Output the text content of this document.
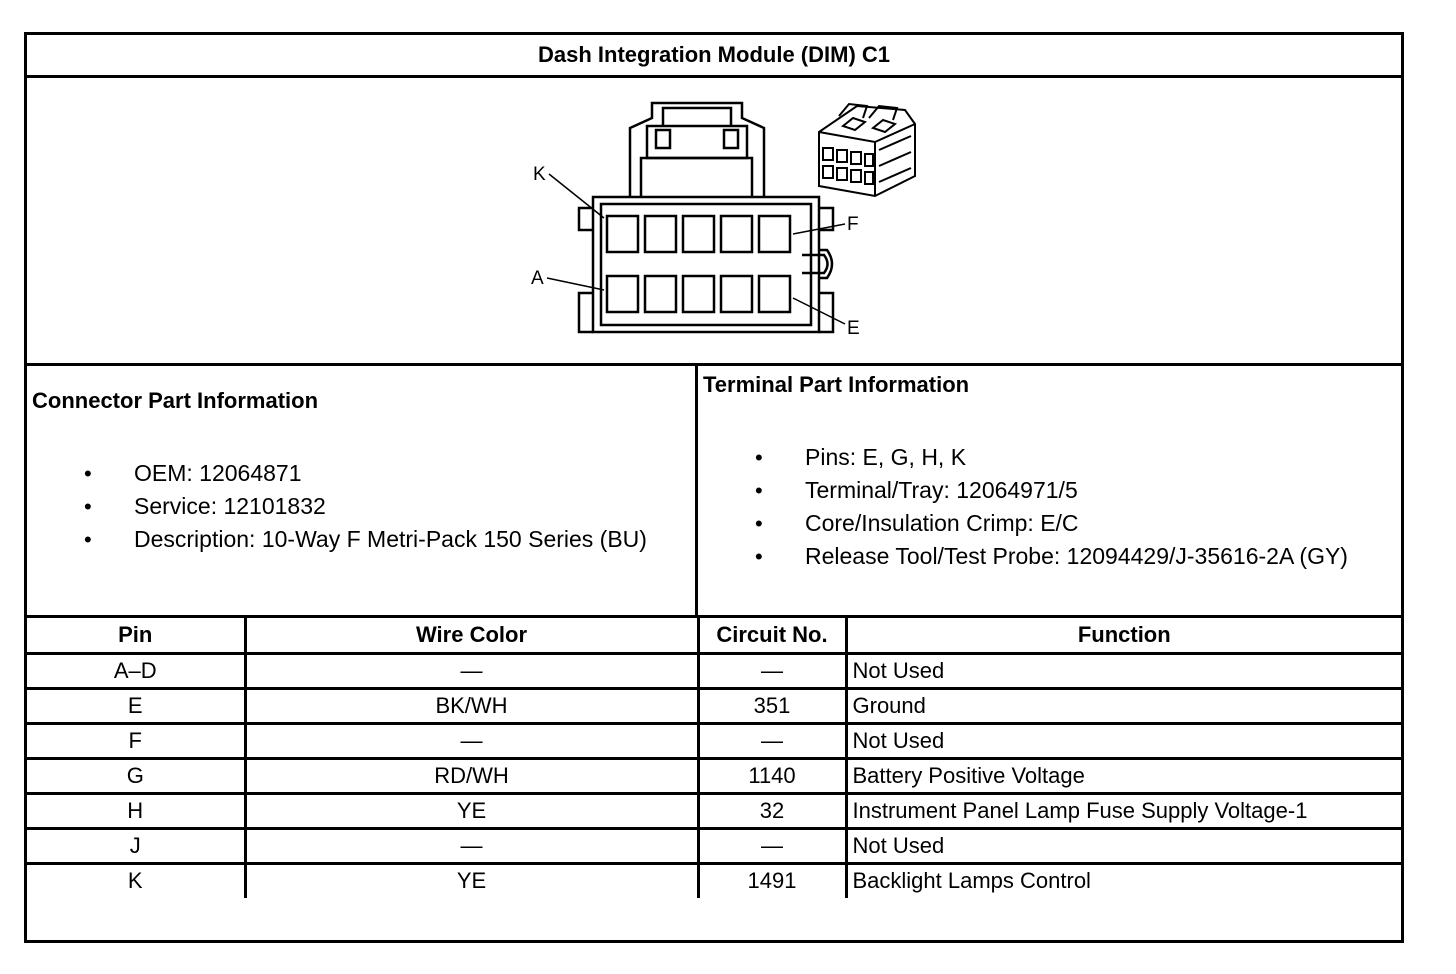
Dash Integration Module (DIM) C1
K
A
F
E
Connector Part Information
• OEM: 12064871
• Service: 12101832
• Description: 10-Way F Metri-Pack 150 Series (BU)
Terminal Part Information
• Pins: E, G, H, K
• Terminal/Tray: 12064971/5
• Core/Insulation Crimp: E/C
• Release Tool/Test Probe: 12094429/J-35616-2A (GY)
Pin	Wire Color	Circuit No.	Function
A–D	—	—	Not Used
E	BK/WH	351	Ground
F	—	—	Not Used
G	RD/WH	1140	Battery Positive Voltage
H	YE	32	Instrument Panel Lamp Fuse Supply Voltage-1
J	—	—	Not Used
K	YE	1491	Backlight Lamps Control
